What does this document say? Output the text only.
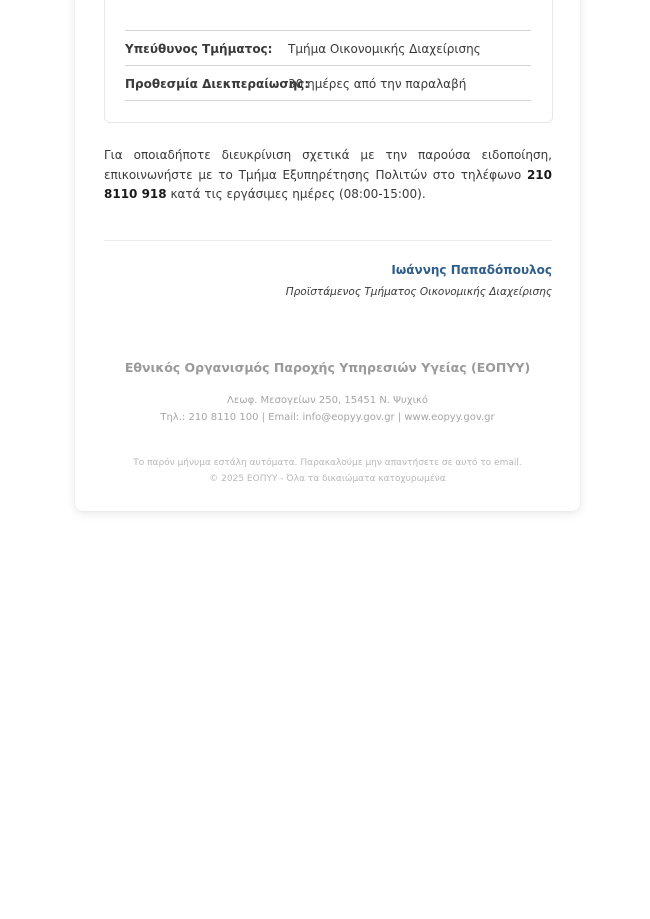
Υπεύθυνος Τμήματος: Τμήμα Οικονομικής Διαχείρισης
Προθεσμία Διεκπεραίωσης:
30 ημέρες από την παραλαβή

Για οποιαδήποτε διευκρίνιση σχετικά με την παρούσα ειδοποίηση, επικοινωνήστε με το Τμήμα Εξυπηρέτησης Πολιτών στο τηλέφωνο 210 8110 918 κατά τις εργάσιμες ημέρες (08:00-15:00).

Ιωάννης Παπαδόπουλος
Προϊστάμενος Τμήματος Οικονομικής Διαχείρισης
Εθνικός Οργανισμός Παροχής Υπηρεσιών Υγείας (ΕΟΠΥΥ)
Λεωφ. Μεσογείων 250, 15451 Ν. Ψυχικό
Τηλ.: 210 8110 100 | Email: info@eopyy.gov.gr | www.eopyy.gov.gr
Το παρόν μήνυμα εστάλη αυτόματα. Παρακαλούμε μην απαντήσετε σε αυτό το email.
© 2025 ΕΟΠΥΥ - Όλα τα δικαιώματα κατοχυρωμένα
